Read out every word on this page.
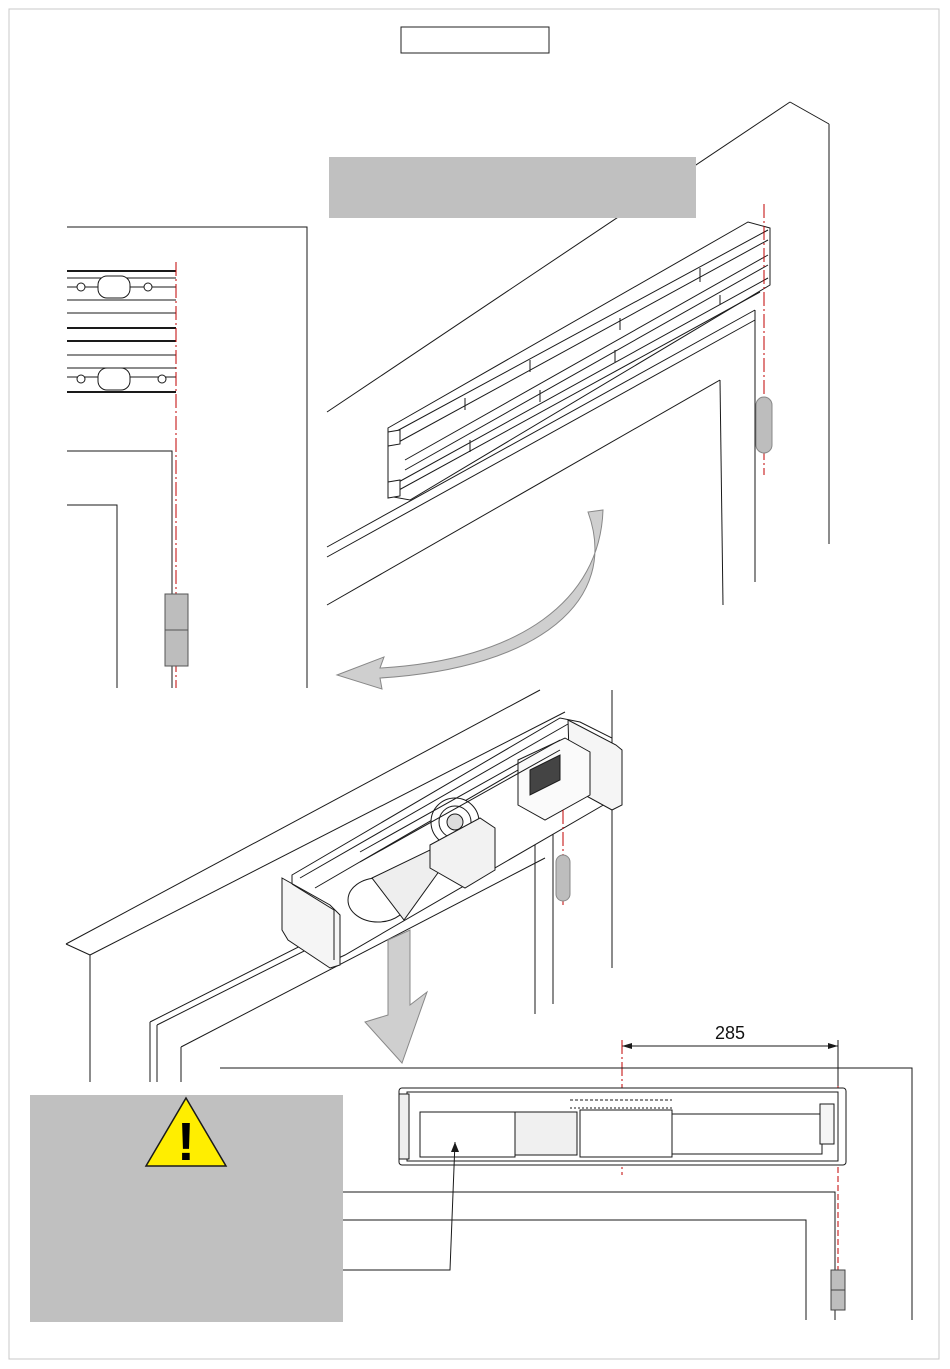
285
!
